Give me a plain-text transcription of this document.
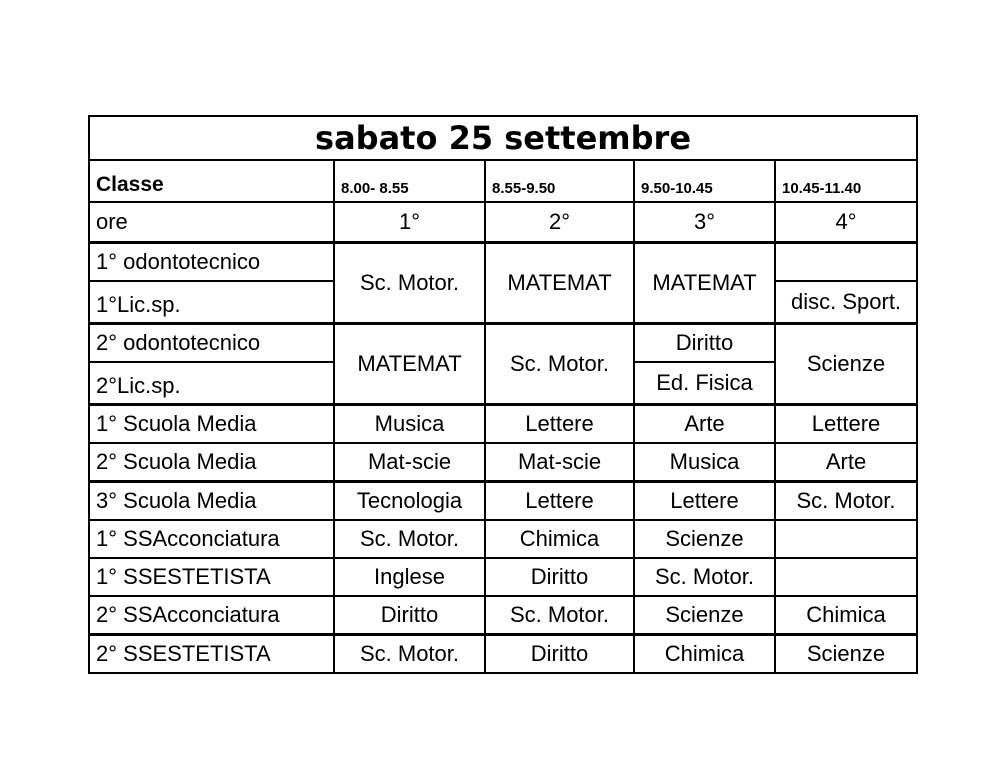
sabato 25 settembre				
Classe	8.00- 8.55	8.55-9.50	9.50-10.45	10.45-11.40
ore	1°	2°	3°	4°
1° odontotecnico	Sc. Motor.	MATEMAT	MATEMAT	
1°Lic.sp.				disc. Sport.
2° odontotecnico	MATEMAT	Sc. Motor.	Diritto	Scienze
2°Lic.sp.			Ed. Fisica	
1° Scuola Media	Musica	Lettere	Arte	Lettere
2° Scuola Media	Mat-scie	Mat-scie	Musica	Arte
3° Scuola Media	Tecnologia	Lettere	Lettere	Sc. Motor.
1° SSAcconciatura	Sc. Motor.	Chimica	Scienze	
1° SSESTETISTA	Inglese	Diritto	Sc. Motor.	
2° SSAcconciatura	Diritto	Sc. Motor.	Scienze	Chimica
2° SSESTETISTA	Sc. Motor.	Diritto	Chimica	Scienze
